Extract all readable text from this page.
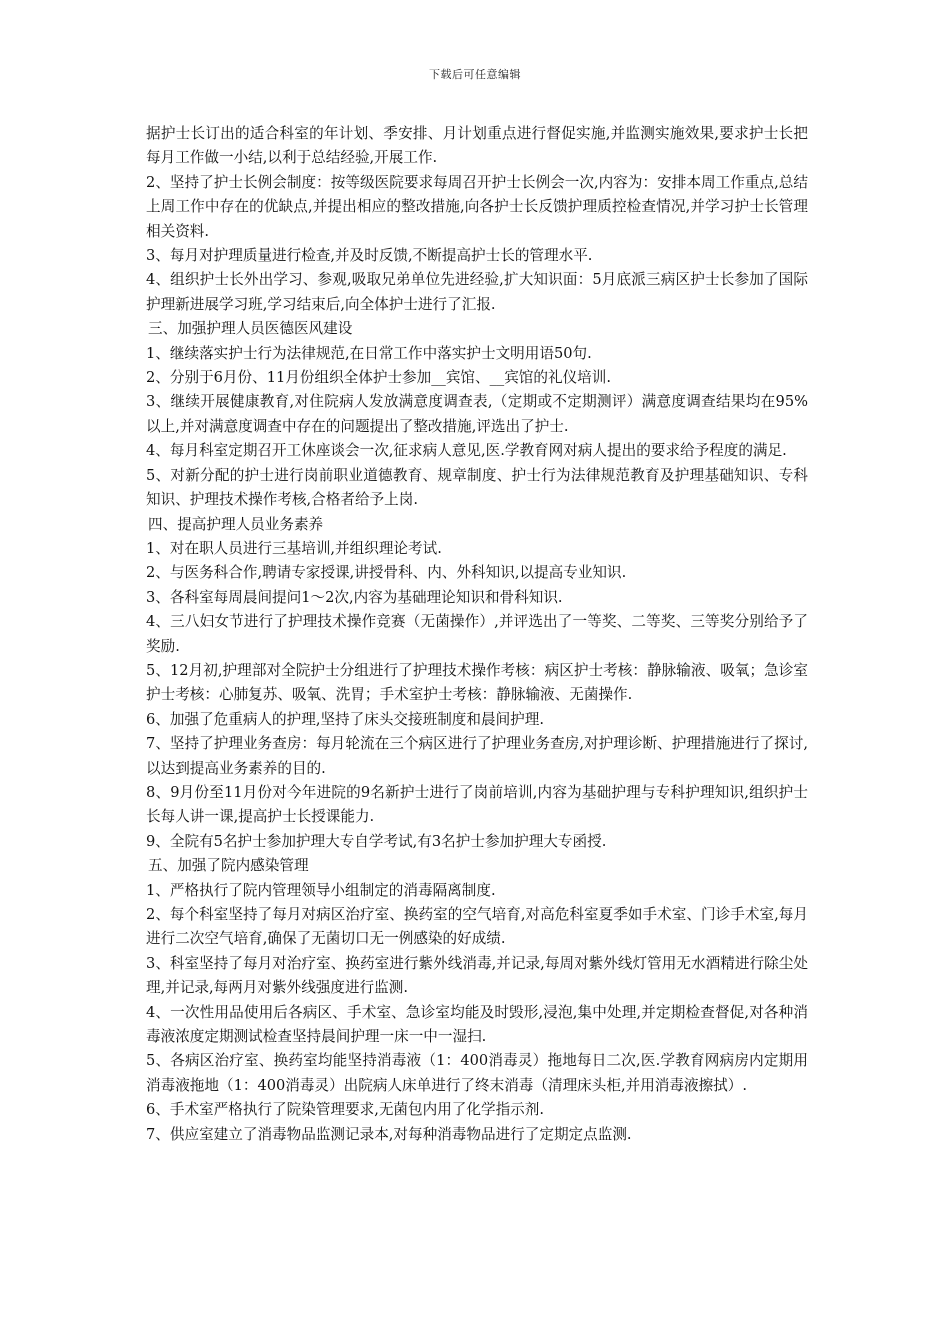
下载后可任意编辑

据护士长订出的适合科室的年计划、季安排、月计划重点进行督促实施,并监测实施效果,要求护士长把每月工作做一小结,以利于总结经验,开展工作.

2、坚持了护士长例会制度：按等级医院要求每周召开护士长例会一次,内容为：安排本周工作重点,总结上周工作中存在的优缺点,并提出相应的整改措施,向各护士长反馈护理质控检查情况,并学习护士长管理相关资料.

3、每月对护理质量进行检查,并及时反馈,不断提高护士长的管理水平.

4、组织护士长外出学习、参观,吸取兄弟单位先进经验,扩大知识面：5月底派三病区护士长参加了国际护理新进展学习班,学习结束后,向全体护士进行了汇报.

三、加强护理人员医德医风建设

1、继续落实护士行为法律规范,在日常工作中落实护士文明用语50句.

2、分别于6月份、11月份组织全体护士参加__宾馆、__宾馆的礼仪培训.

3、继续开展健康教育,对住院病人发放满意度调查表,（定期或不定期测评）满意度调查结果均在95%以上,并对满意度调查中存在的问题提出了整改措施,评选出了护士.

4、每月科室定期召开工休座谈会一次,征求病人意见,医.学教育网对病人提出的要求给予程度的满足.

5、对新分配的护士进行岗前职业道德教育、规章制度、护士行为法律规范教育及护理基础知识、专科知识、护理技术操作考核,合格者给予上岗.

四、提高护理人员业务素养

1、对在职人员进行三基培训,并组织理论考试.

2、与医务科合作,聘请专家授课,讲授骨科、内、外科知识,以提高专业知识.

3、各科室每周晨间提问1～2次,内容为基础理论知识和骨科知识.

4、三八妇女节进行了护理技术操作竞赛（无菌操作）,并评选出了一等奖、二等奖、三等奖分别给予了奖励.

5、12月初,护理部对全院护士分组进行了护理技术操作考核：病区护士考核：静脉输液、吸氧；急诊室护士考核：心肺复苏、吸氧、洗胃；手术室护士考核：静脉输液、无菌操作.

6、加强了危重病人的护理,坚持了床头交接班制度和晨间护理.

7、坚持了护理业务查房：每月轮流在三个病区进行了护理业务查房,对护理诊断、护理措施进行了探讨,以达到提高业务素养的目的.

8、9月份至11月份对今年进院的9名新护士进行了岗前培训,内容为基础护理与专科护理知识,组织护士长每人讲一课,提高护士长授课能力.

9、全院有5名护士参加护理大专自学考试,有3名护士参加护理大专函授.

五、加强了院内感染管理

1、严格执行了院内管理领导小组制定的消毒隔离制度.

2、每个科室坚持了每月对病区治疗室、换药室的空气培育,对高危科室夏季如手术室、门诊手术室,每月进行二次空气培育,确保了无菌切口无一例感染的好成绩.

3、科室坚持了每月对治疗室、换药室进行紫外线消毒,并记录,每周对紫外线灯管用无水酒精进行除尘处理,并记录,每两月对紫外线强度进行监测.

4、一次性用品使用后各病区、手术室、急诊室均能及时毁形,浸泡,集中处理,并定期检查督促,对各种消毒液浓度定期测试检查坚持晨间护理一床一中一湿扫.

5、各病区治疗室、换药室均能坚持消毒液（1：400消毒灵）拖地每日二次,医.学教育网病房内定期用消毒液拖地（1：400消毒灵）出院病人床单进行了终末消毒（清理床头柜,并用消毒液擦拭）.

6、手术室严格执行了院染管理要求,无菌包内用了化学指示剂.

7、供应室建立了消毒物品监测记录本,对每种消毒物品进行了定期定点监测.
